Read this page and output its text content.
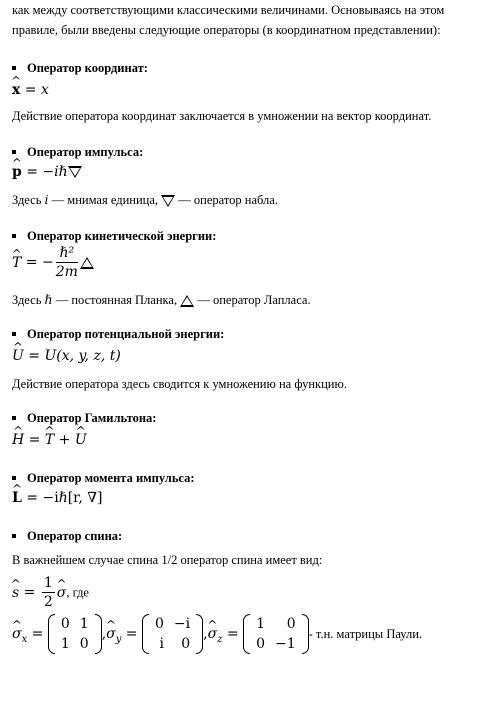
как между соответствующими классическими величинами. Основываясь на этом
правиле, были введены следующие операторы (в координатном представлении):
Оператор координат:
^ x = x
Действие оператора координат заключается в умножении на вектор координат.
Оператор импульса:
^ p = −iℏ
Здесь i — мнимая единица, — оператор набла.
Оператор кинетической энергии:
^ T = − $\frac{\text{ℏ²}}{2m}$
Здесь ℏ — постоянная Планка, — оператор Лапласа.
Оператор потенциальной энергии:
^ U = U(x, y, z, t)
Действие оператора здесь сводится к умножению на функцию.
Оператор Гамильтона:
^ H = ^ T + ^ U
Оператор момента импульса:
^ L = −iℏ[r, ∇]
Оператор спина:
В важнейшем случае спина 1/2 оператор спина имеет вид:
^ $s = \frac{1}{2}$ ^ σ, где
^ $\sigma_x$ =
0	1
1	0
,^ $\sigma_y$ =
0	−i
i	0
,^ $\sigma_z$ =
1	0
0	−1
- т.н. матрицы Паули.
